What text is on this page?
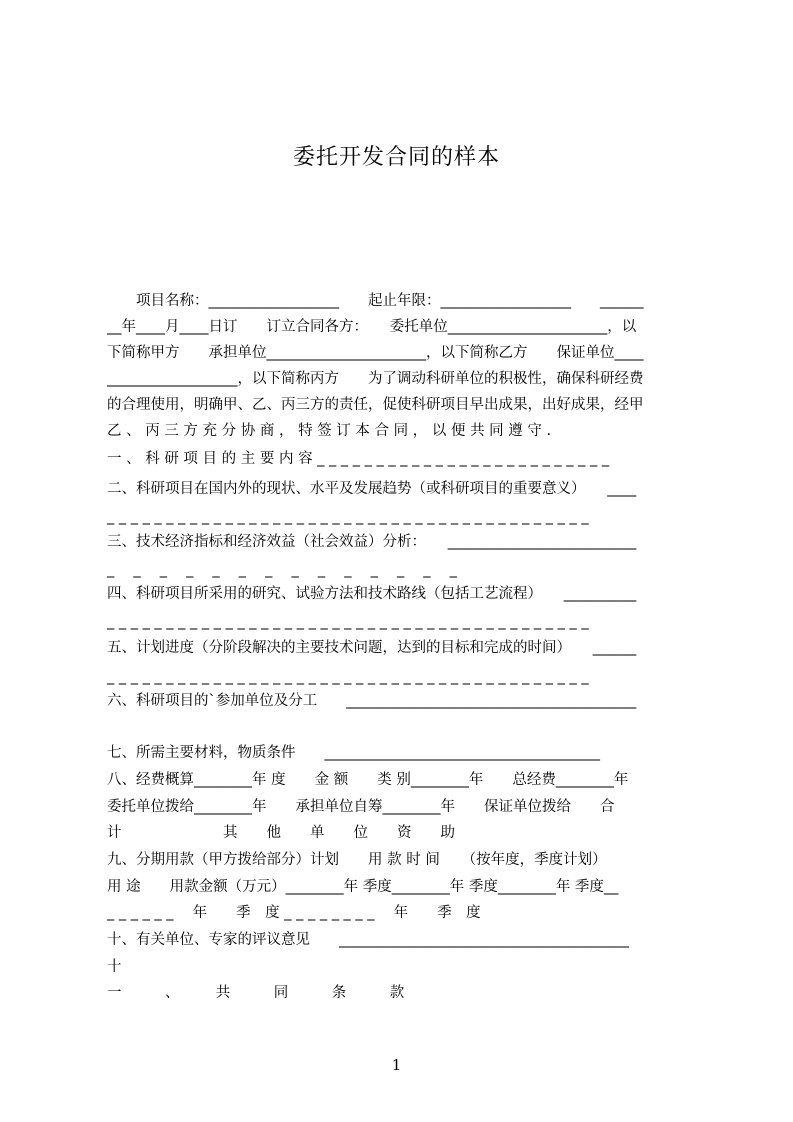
委托开发合同的样本
　　项目名称：__________________　　起止年限：__________________　　______
__年____月____日订　　订立合同各方：　　委托单位______________________，以
下简称甲方　　承担单位______________________，以下简称乙方　　保证单位____
__________________，以下简称丙方　　为了调动科研单位的积极性，确保科研经费
的合理使用，明确甲、乙、丙三方的责任，促使科研项目早出成果，出好成果，经甲
乙 、 丙 三 方 充 分 协 商 ， 特 签 订 本 合 同 ， 以 便 共 同 遵 守 .
一 、 科 研 项 目 的 主 要 内 容 _ _ _ _ _ _ _ _ _ _ _ _ _ _ _ _ _ _ _ _ _ _ _ _ _
二、科研项目在国内外的现状、水平及发展趋势（或科研项目的重要意义）　　____
_ _ _ _ _ _ _ _ _ _ _ _ _ _ _ _ _ _ _ _ _ _ _ _ _ _ _ _ _ _ _ _ _ _ _ _ _ _ _ _ _
三、技术经济指标和经济效益（社会效益）分析：　　__________________________
_ 　_ 　_ 　_ 　_ 　_ 　_ 　_ 　_ 　_ 　_ 　_ 　_ 　_
四、科研项目所采用的研究、试验方法和技术路线（包括工艺流程）　　__________
_ _ _ _ _ _ _ _ _ _ _ _ _ _ _ _ _ _ _ _ _ _ _ _ _ _ _ _ _ _ _ _ _ _ _ _ _ _ _ _ _
五、计划进度（分阶段解决的主要技术问题，达到的目标和完成的时间）　　______
_ _ _ _ _ _ _ _ _ _ _ _ _ _ _ _ _ _ _ _ _ _ _ _ _ _ _ _ _ _ _ _ _ _ _ _ _ _ _ _ _
六、科研项目的`参加单位及分工　　________________________________________
七、所需主要材料，物质条件　　______________________________________
八、经费概算________年 度　　金 额　　类 别________年　　总经费________年
委托单位拨给________年　　承担单位自筹________年　　保证单位拨给　　合
计　　　　　　　其　　他　　单　　位　　资　　助
九、分期用款（甲方拨给部分）计划　　用 款 时 间　　（按年度，季度计划）
用 途　　用款金额（万元）________年 季度________年 季度________年 季度__
_ _ _ _ _ _ 　年　　季　度 _ _ _ _ _ _ _ _ 　年　　季　度
十、有关单位、专家的评议意见　　________________________________________
十
一　　　、　　　共　　　同　　　条　　　款
1
